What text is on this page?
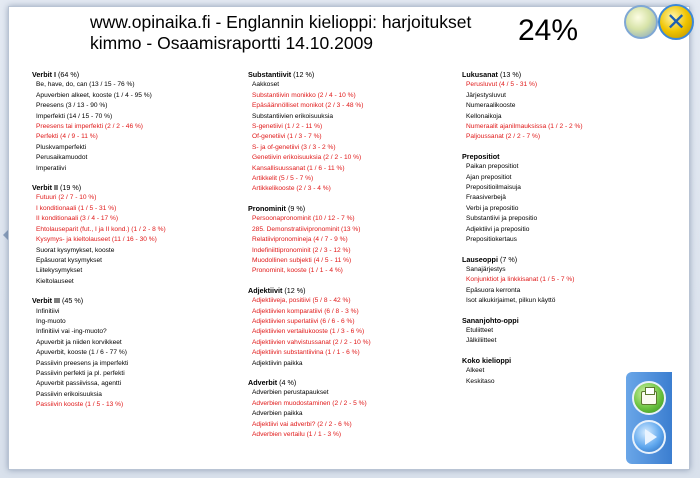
www.opinaika.fi - Englannin kielioppi: harjoitukset
kimmo - Osaamisraportti 14.10.2009	24%
Verbit I (64 %)
Be, have, do, can (13 / 15 - 76 %)
Apuverbien alkeet, kooste (1 / 4 - 95 %)
Preesens (3 / 13 - 90 %)
Imperfekti (14 / 15 - 70 %)
Preesens tai imperfekti (2 / 2 - 46 %)
Perfekti (4 / 9 - 11 %)
Pluskvamperfekti
Perusaikamuodot
Imperatiivi
Verbit II (19 %)
Futuuri (2 / 7 - 10 %)
I konditionaali (1 / 5 - 31 %)
II konditionaali (3 / 4 - 17 %)
Ehtolauseparit (fut., I ja II kond.) (1 / 2 - 8 %)
Kysymys- ja kieltolauseet (11 / 16 - 30 %)
Suorat kysymykset, kooste
Epäsuorat kysymykset
Liitekysymykset
Kieltolauseet
Verbit III (45 %)
Infinitiivi
Ing-muoto
Infinitiivi vai -ing-muoto?
Apuverbit ja niiden korvikkeet
Apuverbit, kooste (1 / 6 - 77 %)
Passiivin preesens ja imperfekti
Passiivin perfekti ja pl. perfekti
Apuverbit passiivissa, agentti
Passiivin erikoisuuksia
Passiivin kooste (1 / 5 - 13 %)
Substantiivit (12 %)
Aakkoset
Substantiivin monikko (2 / 4 - 10 %)
Epäsäännölliset monikot (2 / 3 - 48 %)
Substantiivien erikoisuuksia
S-genetiivi (1 / 2 - 11 %)
Of-genetiivi (1 / 3 - 7 %)
S- ja of-genetiivi (3 / 3 - 2 %)
Genetiivin erikoisuuksia (2 / 2 - 10 %)
Kansallisuussanat (1 / 6 - 11 %)
Artikkelit (5 / 5 - 7 %)
Artikkelikooste (2 / 3 - 4 %)
Pronominit (9 %)
Persoonapronominit (10 / 12 - 7 %)
285. Demonstratiivipronominit (13 %)
Relatiivipronomineja (4 / 7 - 9 %)
Indefiniittipronominit (2 / 3 - 12 %)
Muodollinen subjekti (4 / 5 - 11 %)
Pronominit, kooste (1 / 1 - 4 %)
Adjektiivit (12 %)
Adjektiiveja, positiivi (5 / 8 - 42 %)
Adjektiivien komparatiivi (6 / 8 - 3 %)
Adjektiivien superlatiivi (6 / 6 - 6 %)
Adjektiivien vertailukooste (1 / 3 - 6 %)
Adjektiivien vahvistussanat (2 / 2 - 10 %)
Adjektiivin substantiivina (1 / 1 - 6 %)
Adjektiivin paikka
Adverbit (4 %)
Adverbien perustapaukset
Adverbien muodostaminen (2 / 2 - 5 %)
Adverbien paikka
Adjektiivi vai adverbi? (2 / 2 - 6 %)
Adverbien vertailu (1 / 1 - 3 %)
Lukusanat (13 %)
Perusluvut (4 / 5 - 31 %)
Järjestysluvut
Numeraalikooste
Kellonaikoja
Numeraalit ajanilmauksissa (1 / 2 - 2 %)
Paljoussanat (2 / 2 - 7 %)
Prepositiot
Paikan prepositiot
Ajan prepositiot
Prepositioilmaisuja
Fraasiverbejä
Verbi ja prepositio
Substantiivi ja prepositio
Adjektiivi ja prepositio
Prepositiokertaus
Lauseoppi (7 %)
Sanajärjestys
Konjunktiot ja linkkisanat (1 / 5 - 7 %)
Epäsuora kerronta
Isot alkukirjaimet, pilkun käyttö
Sananjohto-oppi
Etuliitteet
Jälkiliitteet
Koko kielioppi
Alkeet
Keskitaso
✕
